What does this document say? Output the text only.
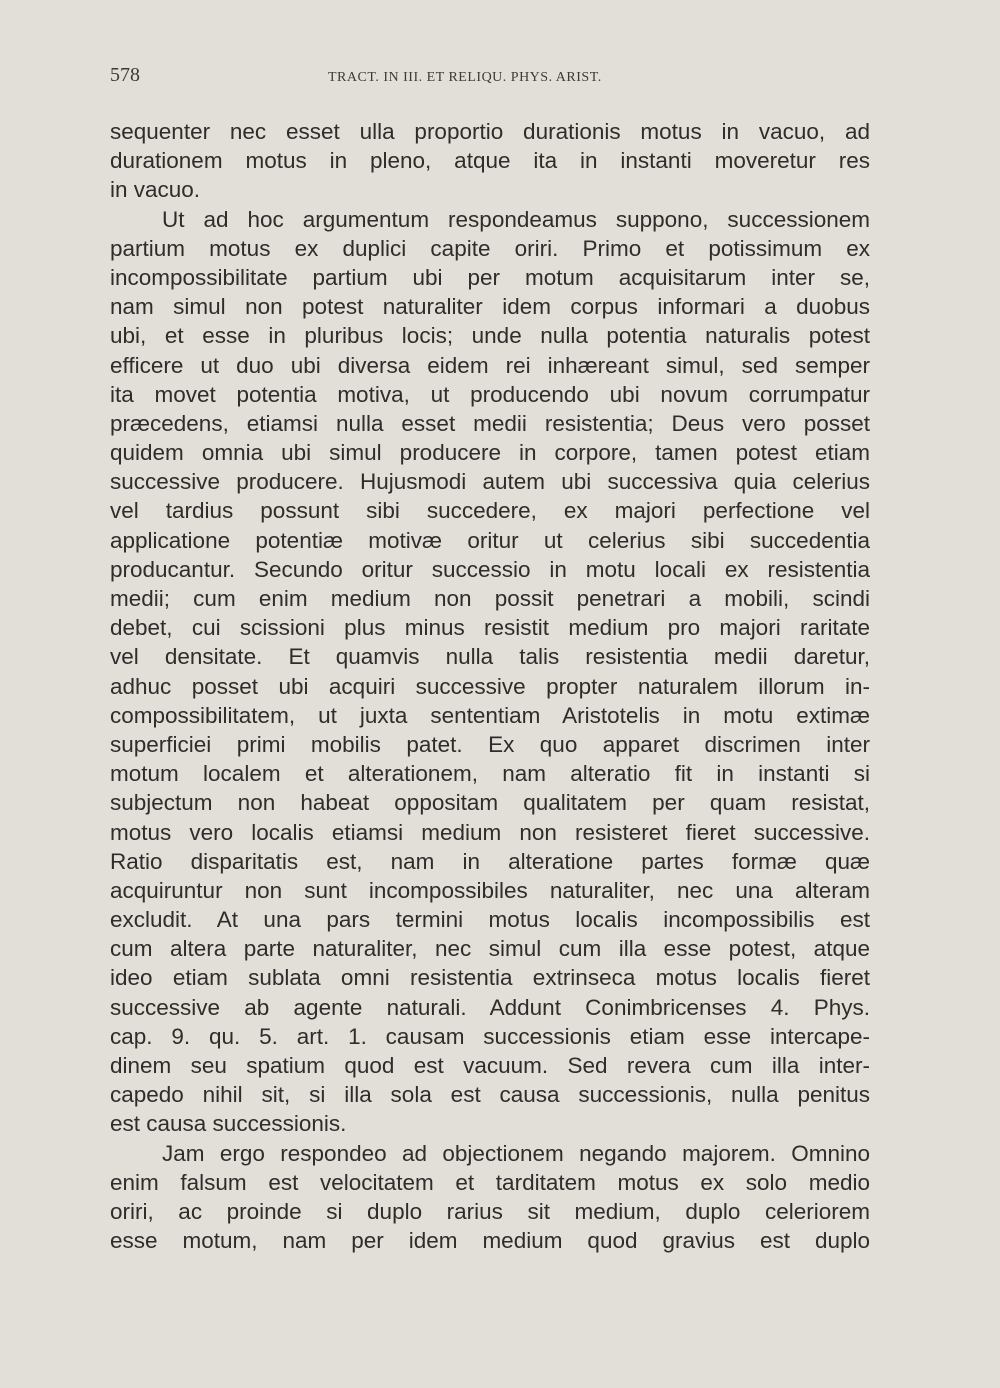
578	TRACT. IN III. ET RELIQU. PHYS. ARIST.
sequenter nec esset ulla proportio durationis motus in vacuo, ad
durationem motus in pleno, atque ita in instanti moveretur res
in vacuo.
Ut ad hoc argumentum respondeamus suppono, successionem
partium motus ex duplici capite oriri. Primo et potissimum ex
incompossibilitate partium ubi per motum acquisitarum inter se,
nam simul non potest naturaliter idem corpus informari a duobus
ubi, et esse in pluribus locis; unde nulla potentia naturalis potest
efficere ut duo ubi diversa eidem rei inhæreant simul, sed semper
ita movet potentia motiva, ut producendo ubi novum corrumpatur
præcedens, etiamsi nulla esset medii resistentia; Deus vero posset
quidem omnia ubi simul producere in corpore, tamen potest etiam
successive producere. Hujusmodi autem ubi successiva quia celerius
vel tardius possunt sibi succedere, ex majori perfectione vel
applicatione potentiæ motivæ oritur ut celerius sibi succedentia
producantur. Secundo oritur successio in motu locali ex resistentia
medii; cum enim medium non possit penetrari a mobili, scindi
debet, cui scissioni plus minus resistit medium pro majori raritate
vel densitate. Et quamvis nulla talis resistentia medii daretur,
adhuc posset ubi acquiri successive propter naturalem illorum in-
compossibilitatem, ut juxta sententiam Aristotelis in motu extimæ
superficiei primi mobilis patet. Ex quo apparet discrimen inter
motum localem et alterationem, nam alteratio fit in instanti si
subjectum non habeat oppositam qualitatem per quam resistat,
motus vero localis etiamsi medium non resisteret fieret successive.
Ratio disparitatis est, nam in alteratione partes formæ quæ
acquiruntur non sunt incompossibiles naturaliter, nec una alteram
excludit. At una pars termini motus localis incompossibilis est
cum altera parte naturaliter, nec simul cum illa esse potest, atque
ideo etiam sublata omni resistentia extrinseca motus localis fieret
successive ab agente naturali. Addunt Conimbricenses 4. Phys.
cap. 9. qu. 5. art. 1. causam successionis etiam esse intercape-
dinem seu spatium quod est vacuum. Sed revera cum illa inter-
capedo nihil sit, si illa sola est causa successionis, nulla penitus
est causa successionis.
Jam ergo respondeo ad objectionem negando majorem. Omnino
enim falsum est velocitatem et tarditatem motus ex solo medio
oriri, ac proinde si duplo rarius sit medium, duplo celeriorem
esse motum, nam per idem medium quod gravius est duplo
